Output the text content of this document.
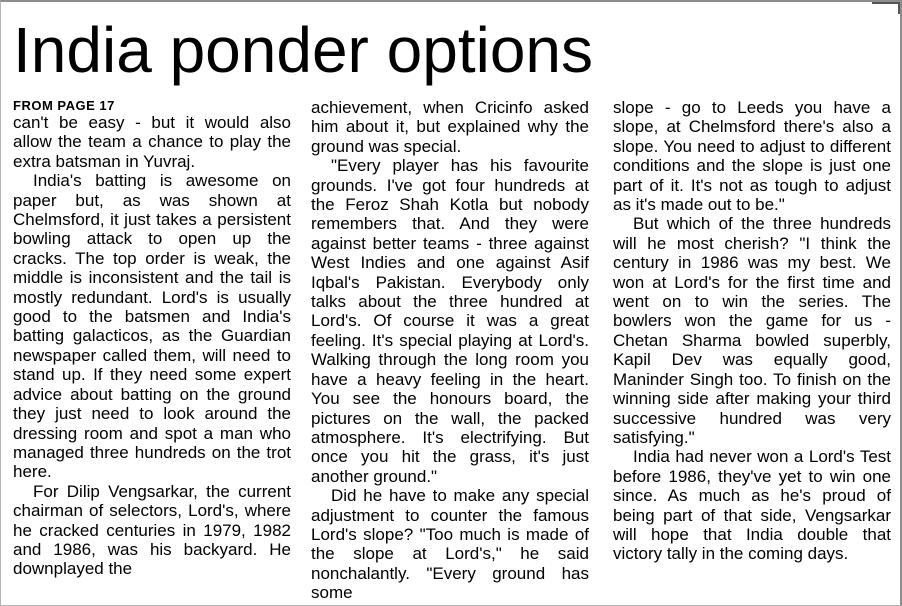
India ponder options
FROM PAGE 17

can't be easy - but it would also allow the team a chance to play the extra batsman in Yuvraj.

India's batting is awesome on paper but, as was shown at Chelmsford, it just takes a persistent bowling attack to open up the cracks. The top order is weak, the middle is inconsistent and the tail is mostly redundant. Lord's is usually good to the batsmen and India's batting galacticos, as the Guardian newspaper called them, will need to stand up. If they need some expert advice about batting on the ground they just need to look around the dressing room and spot a man who managed three hundreds on the trot here.

For Dilip Vengsarkar, the current chairman of selectors, Lord's, where he cracked centuries in 1979, 1982 and 1986, was his backyard. He downplayed the

achievement, when Cricinfo asked him about it, but explained why the ground was special.

"Every player has his favourite grounds. I've got four hundreds at the Feroz Shah Kotla but nobody remembers that. And they were against better teams - three against West Indies and one against Asif Iqbal's Pakistan. Everybody only talks about the three hundred at Lord's. Of course it was a great feeling. It's special playing at Lord's. Walking through the long room you have a heavy feeling in the heart. You see the honours board, the pictures on the wall, the packed atmosphere. It's electrifying. But once you hit the grass, it's just another ground."

Did he have to make any special adjustment to counter the famous Lord's slope? "Too much is made of the slope at Lord's," he said nonchalantly. "Every ground has some

slope - go to Leeds you have a slope, at Chelmsford there's also a slope. You need to adjust to different conditions and the slope is just one part of it. It's not as tough to adjust as it's made out to be."

But which of the three hundreds will he most cherish? "I think the century in 1986 was my best. We won at Lord's for the first time and went on to win the series. The bowlers won the game for us - Chetan Sharma bowled superbly, Kapil Dev was equally good, Maninder Singh too. To finish on the winning side after making your third successive hundred was very satisfying."

India had never won a Lord's Test before 1986, they've yet to win one since. As much as he's proud of being part of that side, Vengsarkar will hope that India double that victory tally in the coming days.
